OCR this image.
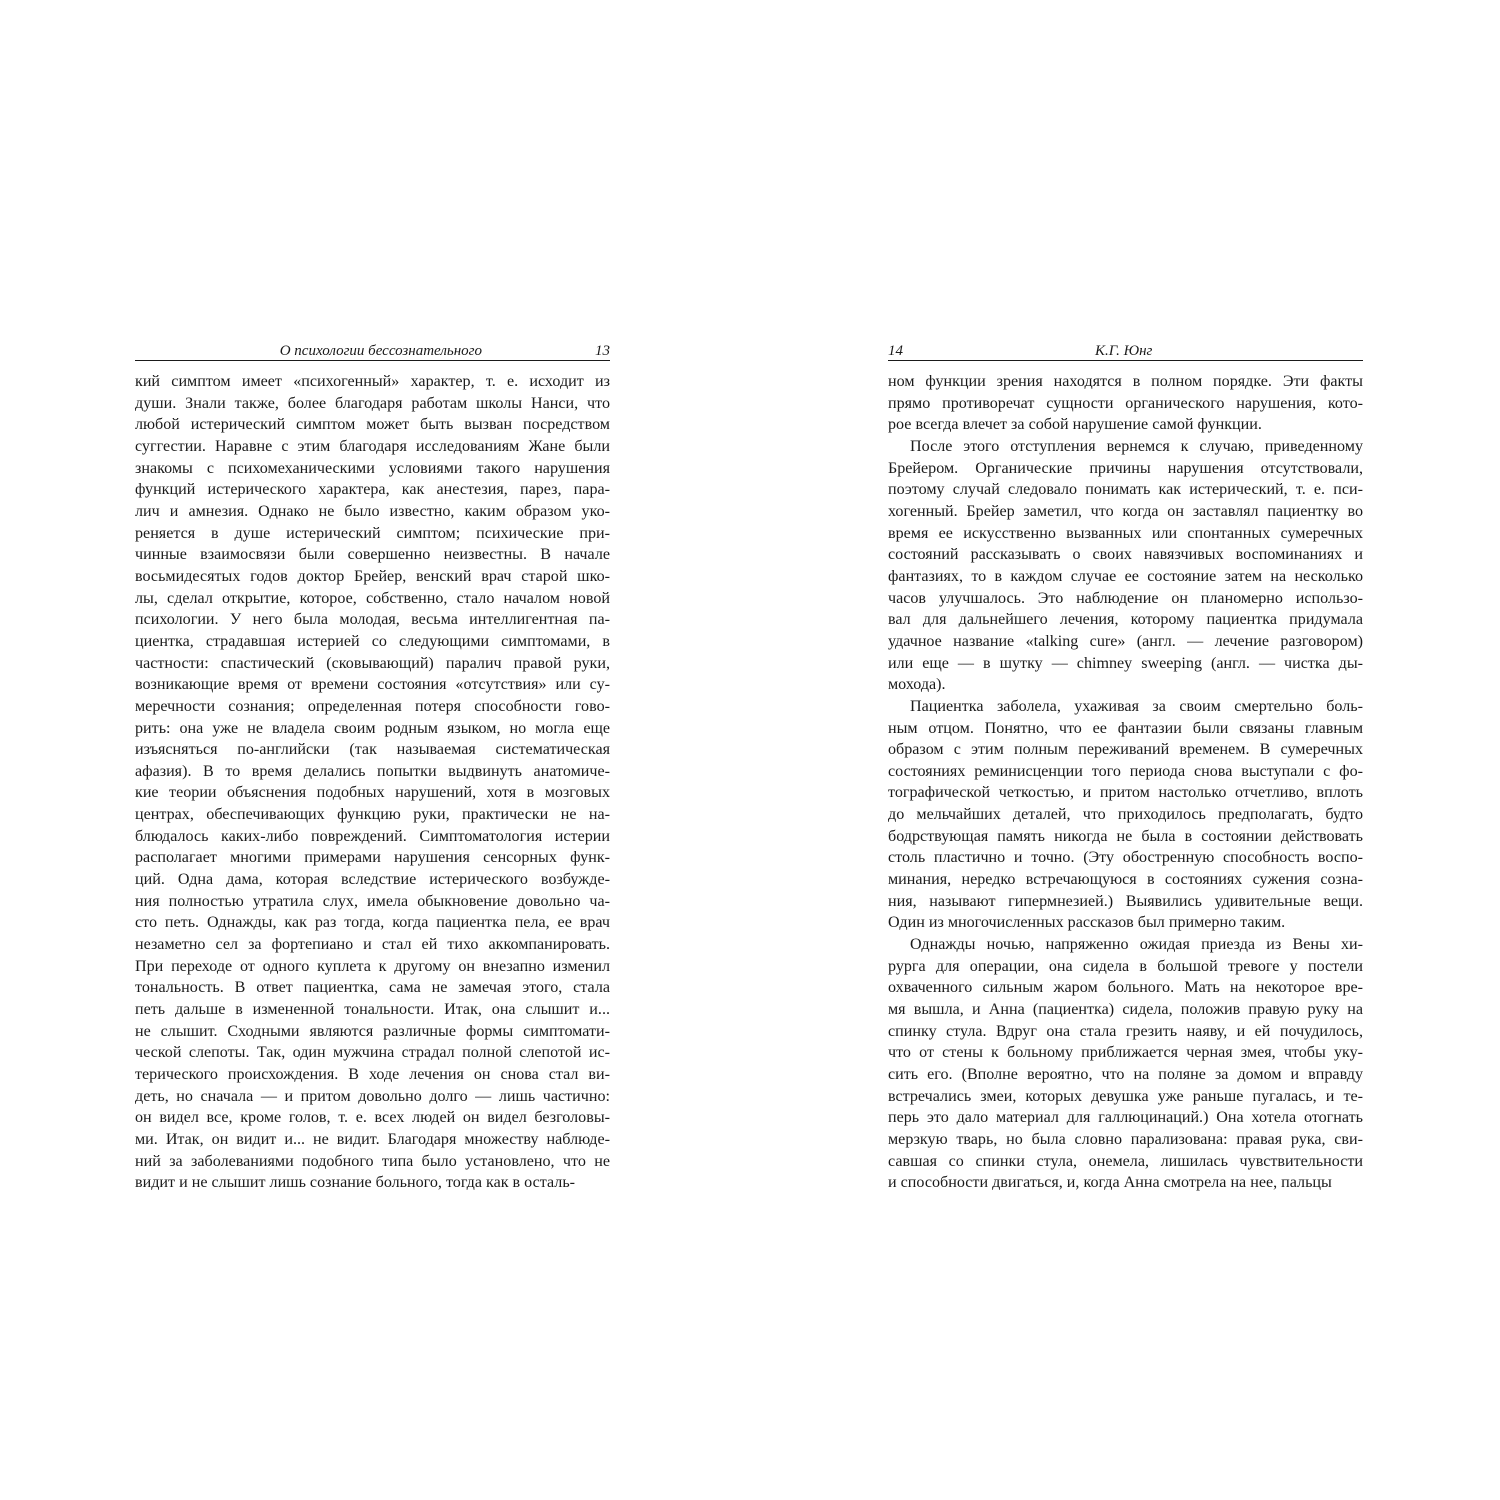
О психологии бессознательного	13
кий симптом имеет «психогенный» характер, т. е. исходит из
души. Знали также, более благодаря работам школы Нанси, что
любой истерический симптом может быть вызван посредством
суггестии. Наравне с этим благодаря исследованиям Жане были
знакомы с психомеханическими условиями такого нарушения
функций истерического характера, как анестезия, парез, пара-
лич и амнезия. Однако не было известно, каким образом уко-
реняется в душе истерический симптом; психические при-
чинные взаимосвязи были совершенно неизвестны. В начале
восьмидесятых годов доктор Брейер, венский врач старой шко-
лы, сделал открытие, которое, собственно, стало началом новой
психологии. У него была молодая, весьма интеллигентная па-
циентка, страдавшая истерией со следующими симптомами, в
частности: спастический (сковывающий) паралич правой руки,
возникающие время от времени состояния «отсутствия» или су-
меречности сознания; определенная потеря способности гово-
рить: она уже не владела своим родным языком, но могла еще
изъясняться по-английски (так называемая систематическая
афазия). В то время делались попытки выдвинуть анатомиче-
кие теории объяснения подобных нарушений, хотя в мозговых
центрах, обеспечивающих функцию руки, практически не на-
блюдалось каких-либо повреждений. Симптоматология истерии
располагает многими примерами нарушения сенсорных функ-
ций. Одна дама, которая вследствие истерического возбужде-
ния полностью утратила слух, имела обыкновение довольно ча-
сто петь. Однажды, как раз тогда, когда пациентка пела, ее врач
незаметно сел за фортепиано и стал ей тихо аккомпанировать.
При переходе от одного куплета к другому он внезапно изменил
тональность. В ответ пациентка, сама не замечая этого, стала
петь дальше в измененной тональности. Итак, она слышит и...
не слышит. Сходными являются различные формы симптомати-
ческой слепоты. Так, один мужчина страдал полной слепотой ис-
терического происхождения. В ходе лечения он снова стал ви-
деть, но сначала — и притом довольно долго — лишь частично:
он видел все, кроме голов, т. е. всех людей он видел безголовы-
ми. Итак, он видит и... не видит. Благодаря множеству наблюде-
ний за заболеваниями подобного типа было установлено, что не
видит и не слышит лишь сознание больного, тогда как в осталь-
14	К.Г. Юнг
ном функции зрения находятся в полном порядке. Эти факты
прямо противоречат сущности органического нарушения, кото-
рое всегда влечет за собой нарушение самой функции.
После этого отступления вернемся к случаю, приведенному
Брейером. Органические причины нарушения отсутствовали,
поэтому случай следовало понимать как истерический, т. е. пси-
хогенный. Брейер заметил, что когда он заставлял пациентку во
время ее искусственно вызванных или спонтанных сумеречных
состояний рассказывать о своих навязчивых воспоминаниях и
фантазиях, то в каждом случае ее состояние затем на несколько
часов улучшалось. Это наблюдение он планомерно использо-
вал для дальнейшего лечения, которому пациентка придумала
удачное название «talking cure» (англ. — лечение разговором)
или еще — в шутку — chimney sweeping (англ. — чистка ды-
мохода).
Пациентка заболела, ухаживая за своим смертельно боль-
ным отцом. Понятно, что ее фантазии были связаны главным
образом с этим полным переживаний временем. В сумеречных
состояниях реминисценции того периода снова выступали с фо-
тографической четкостью, и притом настолько отчетливо, вплоть
до мельчайших деталей, что приходилось предполагать, будто
бодрствующая память никогда не была в состоянии действовать
столь пластично и точно. (Эту обостренную способность воспо-
минания, нередко встречающуюся в состояниях сужения созна-
ния, называют гипермнезией.) Выявились удивительные вещи.
Один из многочисленных рассказов был примерно таким.
Однажды ночью, напряженно ожидая приезда из Вены хи-
рурга для операции, она сидела в большой тревоге у постели
охваченного сильным жаром больного. Мать на некоторое вре-
мя вышла, и Анна (пациентка) сидела, положив правую руку на
спинку стула. Вдруг она стала грезить наяву, и ей почудилось,
что от стены к больному приближается черная змея, чтобы уку-
сить его. (Вполне вероятно, что на поляне за домом и вправду
встречались змеи, которых девушка уже раньше пугалась, и те-
перь это дало материал для галлюцинаций.) Она хотела отогнать
мерзкую тварь, но была словно парализована: правая рука, сви-
савшая со спинки стула, онемела, лишилась чувствительности
и способности двигаться, и, когда Анна смотрела на нее, пальцы
